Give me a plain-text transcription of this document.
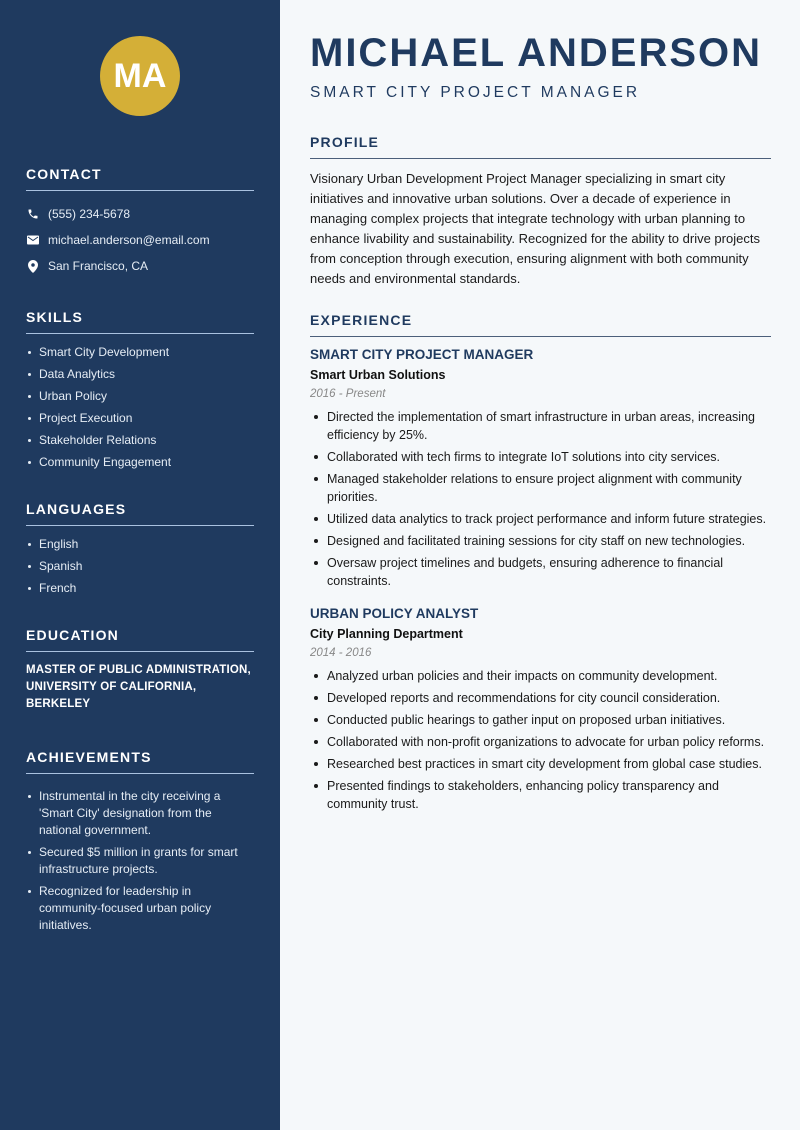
MA
CONTACT
(555) 234-5678
michael.anderson@email.com
San Francisco, CA
SKILLS
Smart City Development
Data Analytics
Urban Policy
Project Execution
Stakeholder Relations
Community Engagement
LANGUAGES
English
Spanish
French
EDUCATION

MASTER OF PUBLIC ADMINISTRATION, UNIVERSITY OF CALIFORNIA, BERKELEY

ACHIEVEMENTS
Instrumental in the city receiving a 'Smart City' designation from the national government.
Secured $5 million in grants for smart infrastructure projects.
Recognized for leadership in community-focused urban policy initiatives.
MICHAEL ANDERSON
SMART CITY PROJECT MANAGER
PROFILE

Visionary Urban Development Project Manager specializing in smart city initiatives and innovative urban solutions. Over a decade of experience in managing complex projects that integrate technology with urban planning to enhance livability and sustainability. Recognized for the ability to drive projects from conception through execution, ensuring alignment with both community needs and environmental standards.

EXPERIENCE
SMART CITY PROJECT MANAGER
Smart Urban Solutions
2016 - Present
Directed the implementation of smart infrastructure in urban areas, increasing efficiency by 25%.
Collaborated with tech firms to integrate IoT solutions into city services.
Managed stakeholder relations to ensure project alignment with community priorities.
Utilized data analytics to track project performance and inform future strategies.
Designed and facilitated training sessions for city staff on new technologies.
Oversaw project timelines and budgets, ensuring adherence to financial constraints.
URBAN POLICY ANALYST
City Planning Department
2014 - 2016
Analyzed urban policies and their impacts on community development.
Developed reports and recommendations for city council consideration.
Conducted public hearings to gather input on proposed urban initiatives.
Collaborated with non-profit organizations to advocate for urban policy reforms.
Researched best practices in smart city development from global case studies.
Presented findings to stakeholders, enhancing policy transparency and community trust.
